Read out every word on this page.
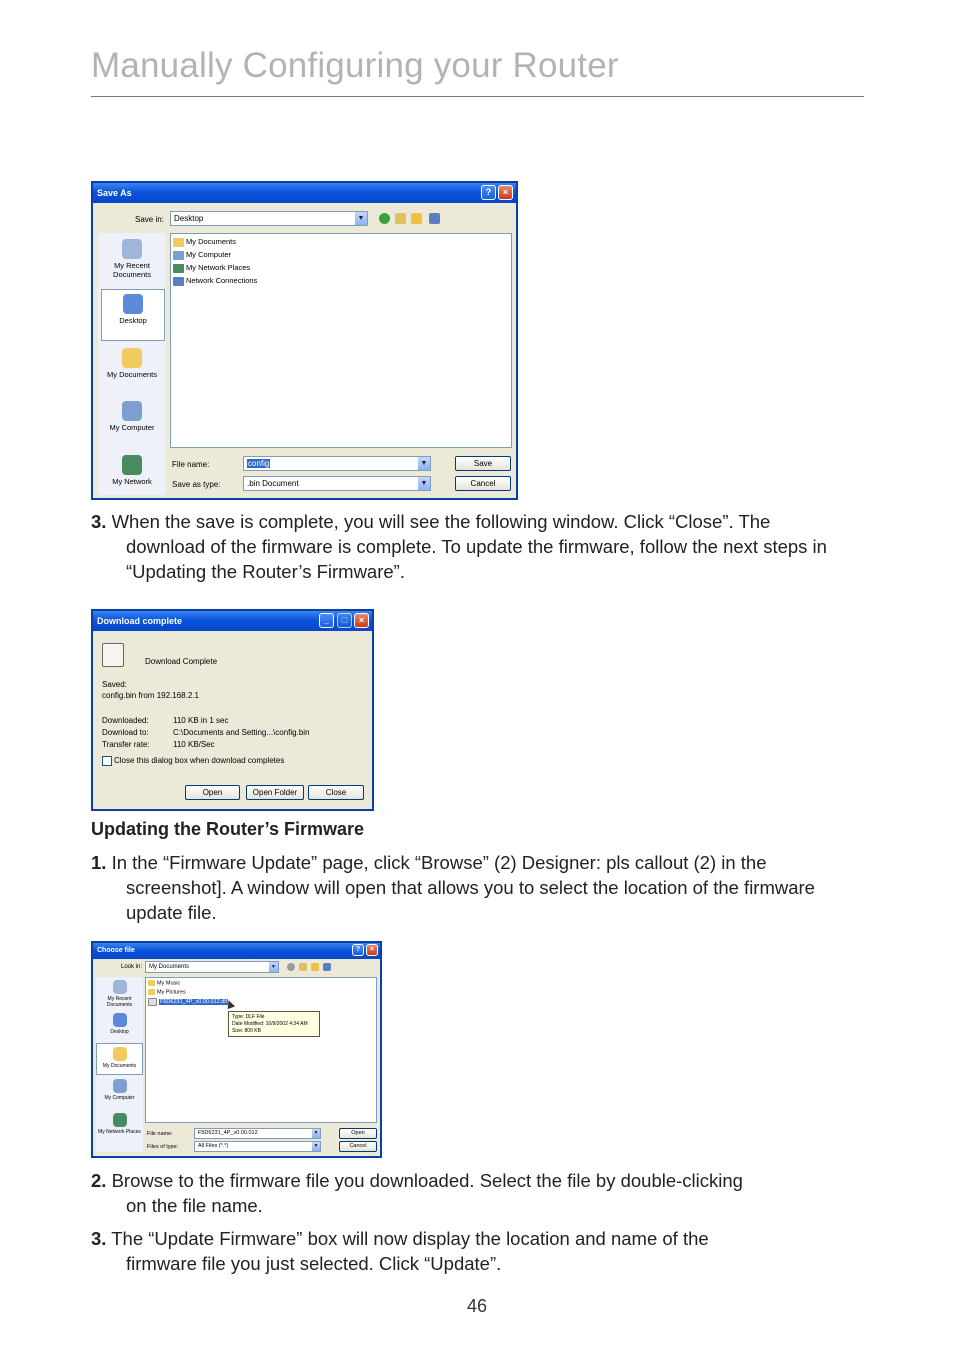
Manually Configuring your Router
Save As	?	×
Save in:	Desktop	▼
My Recent Documents
Desktop
My Documents
My Computer
My Network
My Documents
My Computer
My Network Places
Network Connections
File name:	config	▼
Save as type:	.bin Document	▼
Save
Cancel
3. When the save is complete, you will see the following window. Click “Close”. The
download of the firmware is complete. To update the firmware, follow the next steps in “Updating the Router’s Firmware”.
Download complete	_	□	×
Download Complete
Saved:
config.bin from 192.168.2.1
Downloaded:	110 KB in 1 sec
Download to:	C:\Documents and Setting...\config.bin
Transfer rate:	110 KB/Sec
Close this dialog box when download completes
Open	Open Folder	Close
Updating the Router’s Firmware
1. In the “Firmware Update” page, click “Browse” (2) Designer: pls callout (2) in the
screenshot]. A window will open that allows you to select the location of the firmware update file.
Choose file	?	×
Look in:	My Documents	▼
My Recent Documents
Desktop
My Documents
My Computer
My Network Places
My Music
My Pictures
F5D6231_4P_v0.00.012.dlf
Type: DLF File
Date Modified: 10/9/2002 4:34 AM
Size: 800 KB
File name:	F5D6231_4P_v0.00.012	▼
Files of type:	All Files (*.*)	▼
Open
Cancel
2. Browse to the firmware file you downloaded. Select the file by double-clicking
on the file name.
3. The “Update Firmware” box will now display the location and name of the
firmware file you just selected. Click “Update”.
46
